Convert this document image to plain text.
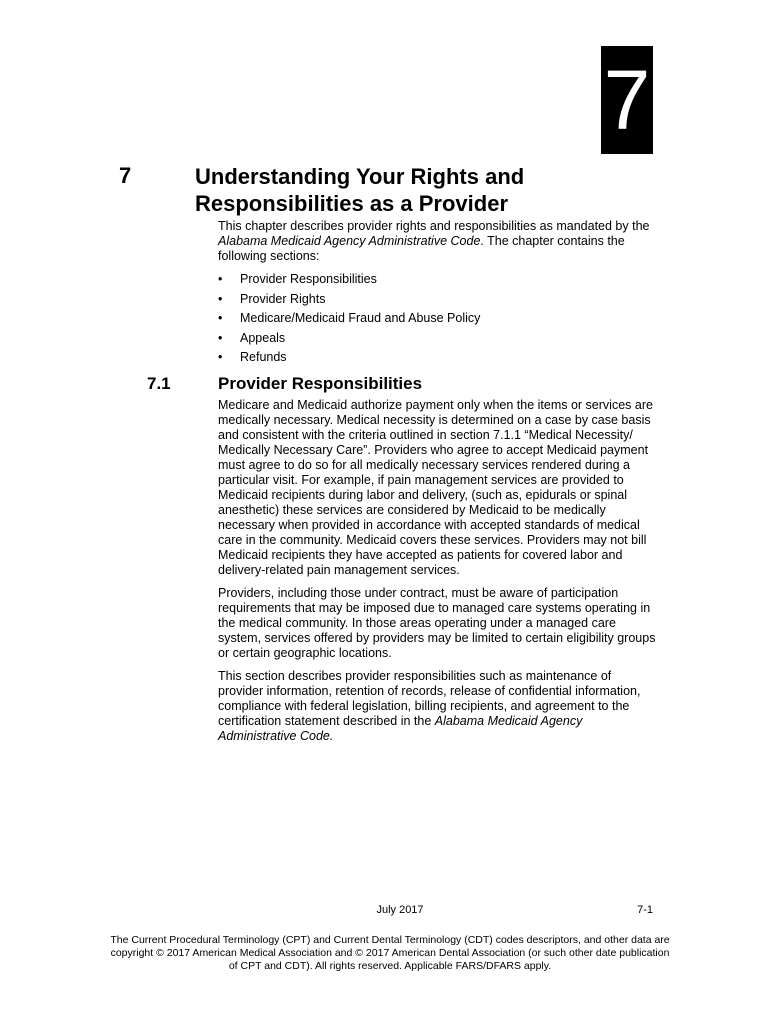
7
7	Understanding Your Rights and
Responsibilities as a Provider

This chapter describes provider rights and responsibilities as mandated by the Alabama Medicaid Agency Administrative Code. The chapter contains the following sections:

• Provider Responsibilities
• Provider Rights
• Medicare/Medicaid Fraud and Abuse Policy
• Appeals
• Refunds
7.1	Provider Responsibilities

Medicare and Medicaid authorize payment only when the items or services are medically necessary. Medical necessity is determined on a case by case basis and consistent with the criteria outlined in section 7.1.1 “Medical Necessity/ Medically Necessary Care”. Providers who agree to accept Medicaid payment must agree to do so for all medically necessary services rendered during a particular visit. For example, if pain management services are provided to Medicaid recipients during labor and delivery, (such as, epidurals or spinal anesthetic) these services are considered by Medicaid to be medically necessary when provided in accordance with accepted standards of medical care in the community. Medicaid covers these services. Providers may not bill Medicaid recipients they have accepted as patients for covered labor and delivery-related pain management services.

Providers, including those under contract, must be aware of participation requirements that may be imposed due to managed care systems operating in the medical community. In those areas operating under a managed care system, services offered by providers may be limited to certain eligibility groups or certain geographic locations.

This section describes provider responsibilities such as maintenance of provider information, retention of records, release of confidential information, compliance with federal legislation, billing recipients, and agreement to the certification statement described in the Alabama Medicaid Agency Administrative Code.

July 2017	7-1
The Current Procedural Terminology (CPT) and Current Dental Terminology (CDT) codes descriptors, and other data are copyright © 2017 American Medical Association and © 2017 American Dental Association (or such other date publication of CPT and CDT). All rights reserved. Applicable FARS/DFARS apply.
